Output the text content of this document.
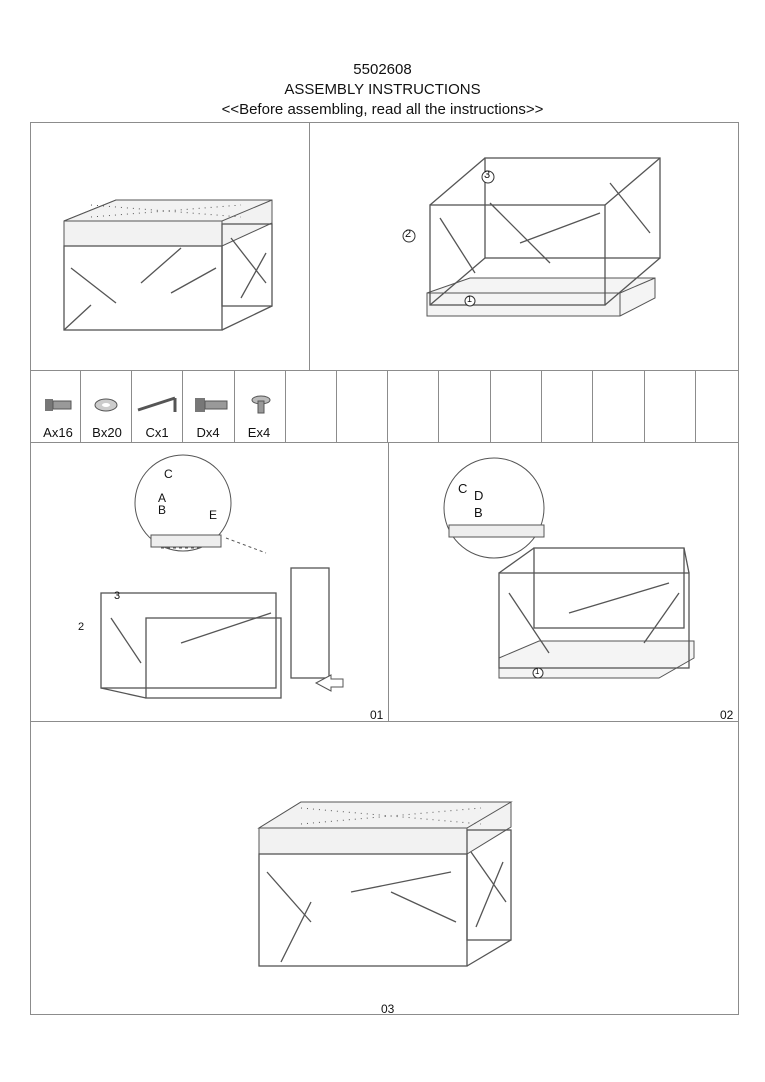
5502608
ASSEMBLY INSTRUCTIONS
<<Before assembling, read all the instructions>>
3
2
1
Ax16	Bx20	Cx1	Dx4	Ex4
C
A
B	E
3
2
01
C D
B
1
02
03
